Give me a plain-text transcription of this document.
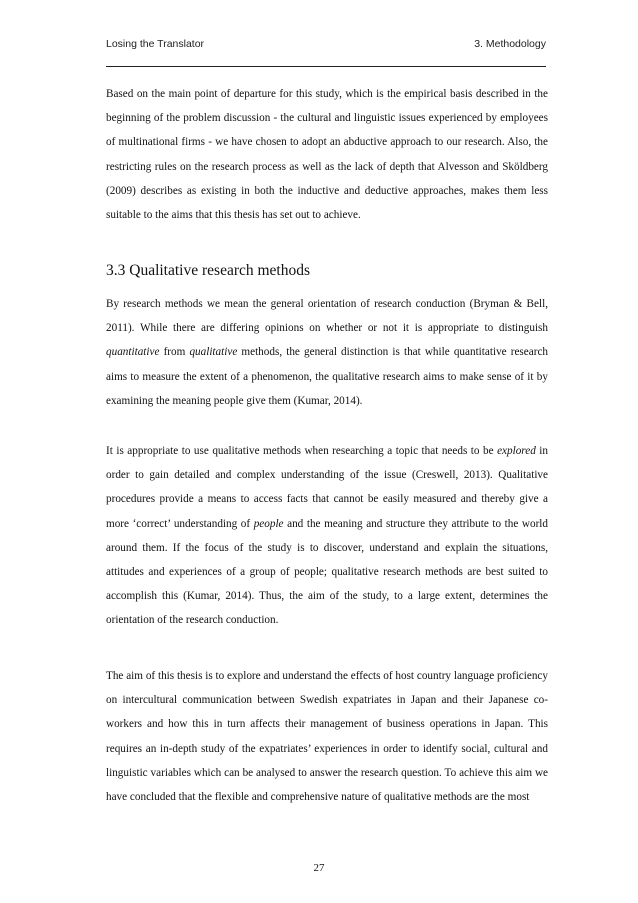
Losing the Translator	3. Methodology

Based on the main point of departure for this study, which is the empirical basis described in the beginning of the problem discussion - the cultural and linguistic issues experienced by employees of multinational firms - we have chosen to adopt an abductive approach to our research. Also, the restricting rules on the research process as well as the lack of depth that Alvesson and Sköldberg (2009) describes as existing in both the inductive and deductive approaches, makes them less suitable to the aims that this thesis has set out to achieve.

3.3 Qualitative research methods

By research methods we mean the general orientation of research conduction (Bryman & Bell, 2011). While there are differing opinions on whether or not it is appropriate to distinguish quantitative from qualitative methods, the general distinction is that while quantitative research aims to measure the extent of a phenomenon, the qualitative research aims to make sense of it by examining the meaning people give them (Kumar, 2014).

It is appropriate to use qualitative methods when researching a topic that needs to be explored in order to gain detailed and complex understanding of the issue (Creswell, 2013). Qualitative procedures provide a means to access facts that cannot be easily measured and thereby give a more ‘correct’ understanding of people and the meaning and structure they attribute to the world around them. If the focus of the study is to discover, understand and explain the situations, attitudes and experiences of a group of people; qualitative research methods are best suited to accomplish this (Kumar, 2014). Thus, the aim of the study, to a large extent, determines the orientation of the research conduction.

The aim of this thesis is to explore and understand the effects of host country language proficiency on intercultural communication between Swedish expatriates in Japan and their Japanese co-workers and how this in turn affects their management of business operations in Japan. This requires an in-depth study of the expatriates’ experiences in order to identify social, cultural and linguistic variables which can be analysed to answer the research question. To achieve this aim we have concluded that the flexible and comprehensive nature of qualitative methods are the most

27
